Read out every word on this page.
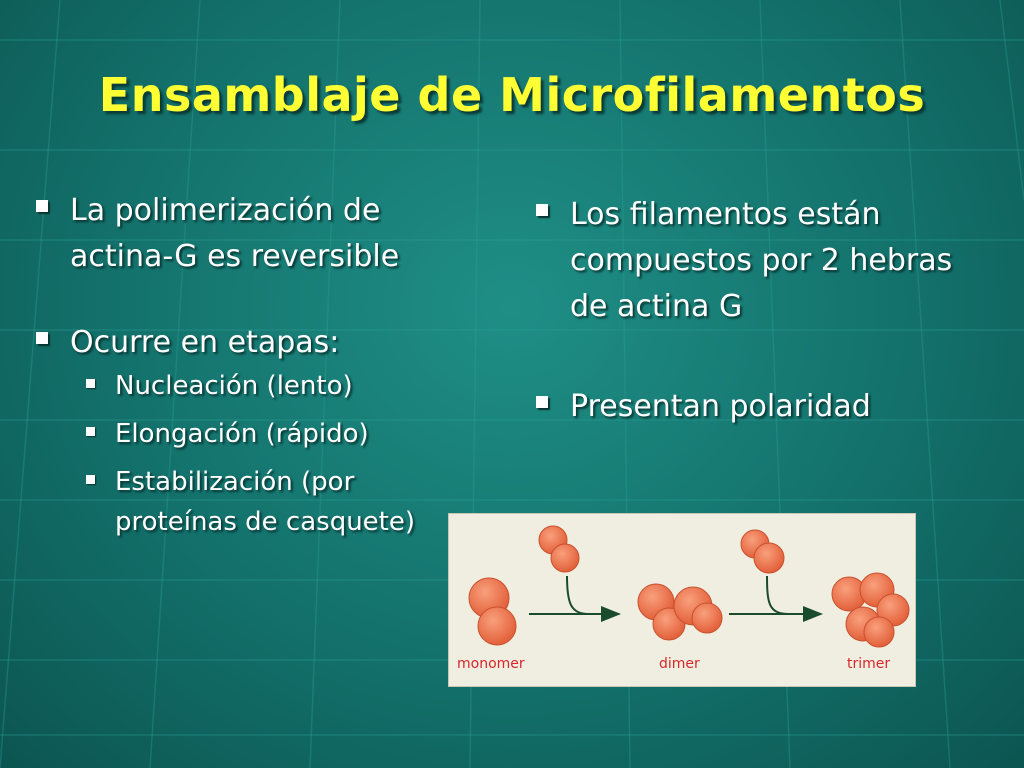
Ensamblaje de Microfilamentos
La polimerización de actina-G es reversible
Ocurre en etapas:
Nucleación (lento)
Elongación (rápido)
Estabilización (por proteínas de casquete)
Los filamentos están compuestos por 2 hebras de actina G
Presentan polaridad
monomer	dimer	trimer
